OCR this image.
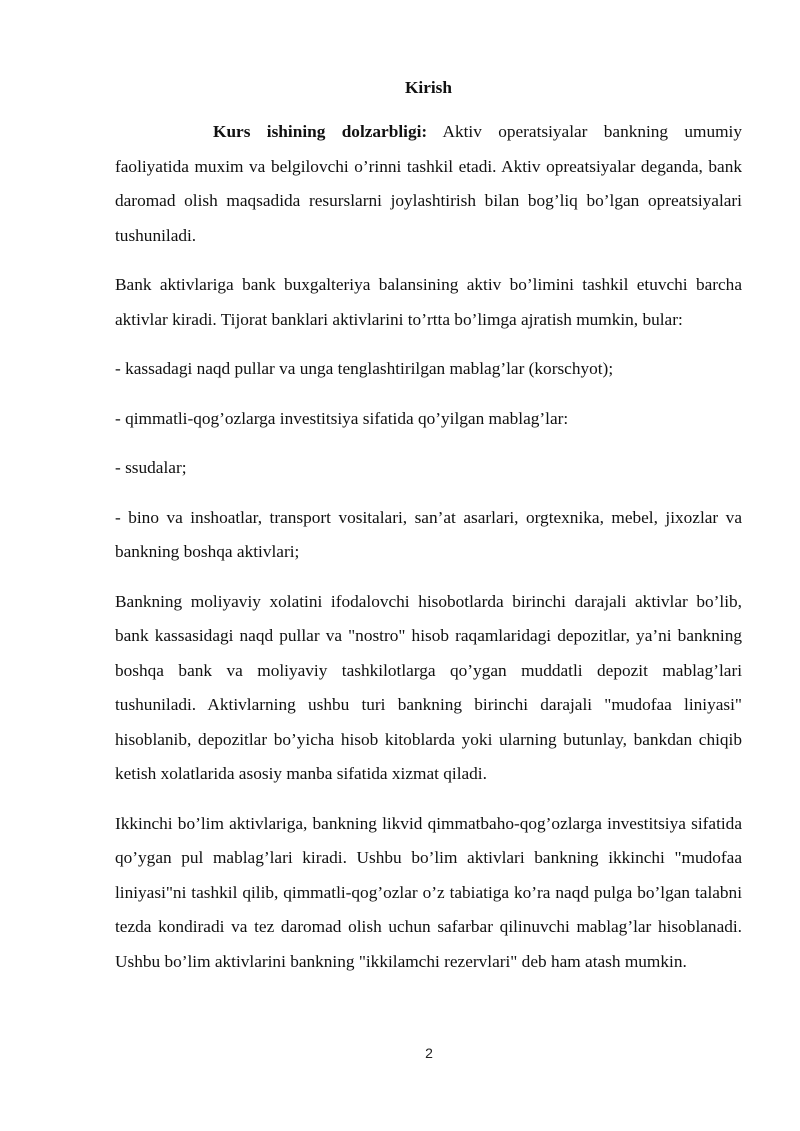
Kirish

Kurs ishining dolzarbligi: Aktiv operatsiyalar bankning umumiy faoliyatida muxim va belgilovchi o’rinni tashkil etadi. Aktiv opreatsiyalar deganda, bank daromad olish maqsadida resurslarni joylashtirish bilan bog’liq bo’lgan opreatsiyalari tushuniladi.

Bank aktivlariga bank buxgalteriya balansining aktiv bo’limini tashkil etuvchi barcha aktivlar kiradi. Tijorat banklari aktivlarini to’rtta bo’limga ajratish mumkin, bular:

- kassadagi naqd pullar va unga tenglashtirilgan mablag’lar (korschyot);

- qimmatli-qog’ozlarga investitsiya sifatida qo’yilgan mablag’lar:

- ssudalar;

- bino va inshoatlar, transport vositalari, san’at asarlari, orgtexnika, mebel, jixozlar va bankning boshqa aktivlari;

Bankning moliyaviy xolatini ifodalovchi hisobotlarda birinchi darajali aktivlar bo’lib, bank kassasidagi naqd pullar va "nostro" hisob raqamlaridagi depozitlar, ya’ni bankning boshqa bank va moliyaviy tashkilotlarga qo’ygan muddatli depozit mablag’lari tushuniladi. Aktivlarning ushbu turi bankning birinchi darajali "mudofaa liniyasi" hisoblanib, depozitlar bo’yicha hisob kitoblarda yoki ularning butunlay, bankdan chiqib ketish xolatlarida asosiy manba sifatida xizmat qiladi.

Ikkinchi bo’lim aktivlariga, bankning likvid qimmatbaho-qog’ozlarga investitsiya sifatida qo’ygan pul mablag’lari kiradi. Ushbu bo’lim aktivlari bankning ikkinchi "mudofaa liniyasi"ni tashkil qilib, qimmatli-qog’ozlar o’z tabiatiga ko’ra naqd pulga bo’lgan talabni tezda kondiradi va tez daromad olish uchun safarbar qilinuvchi mablag’lar hisoblanadi. Ushbu bo’lim aktivlarini bankning "ikkilamchi rezervlari" deb ham atash mumkin.

2
